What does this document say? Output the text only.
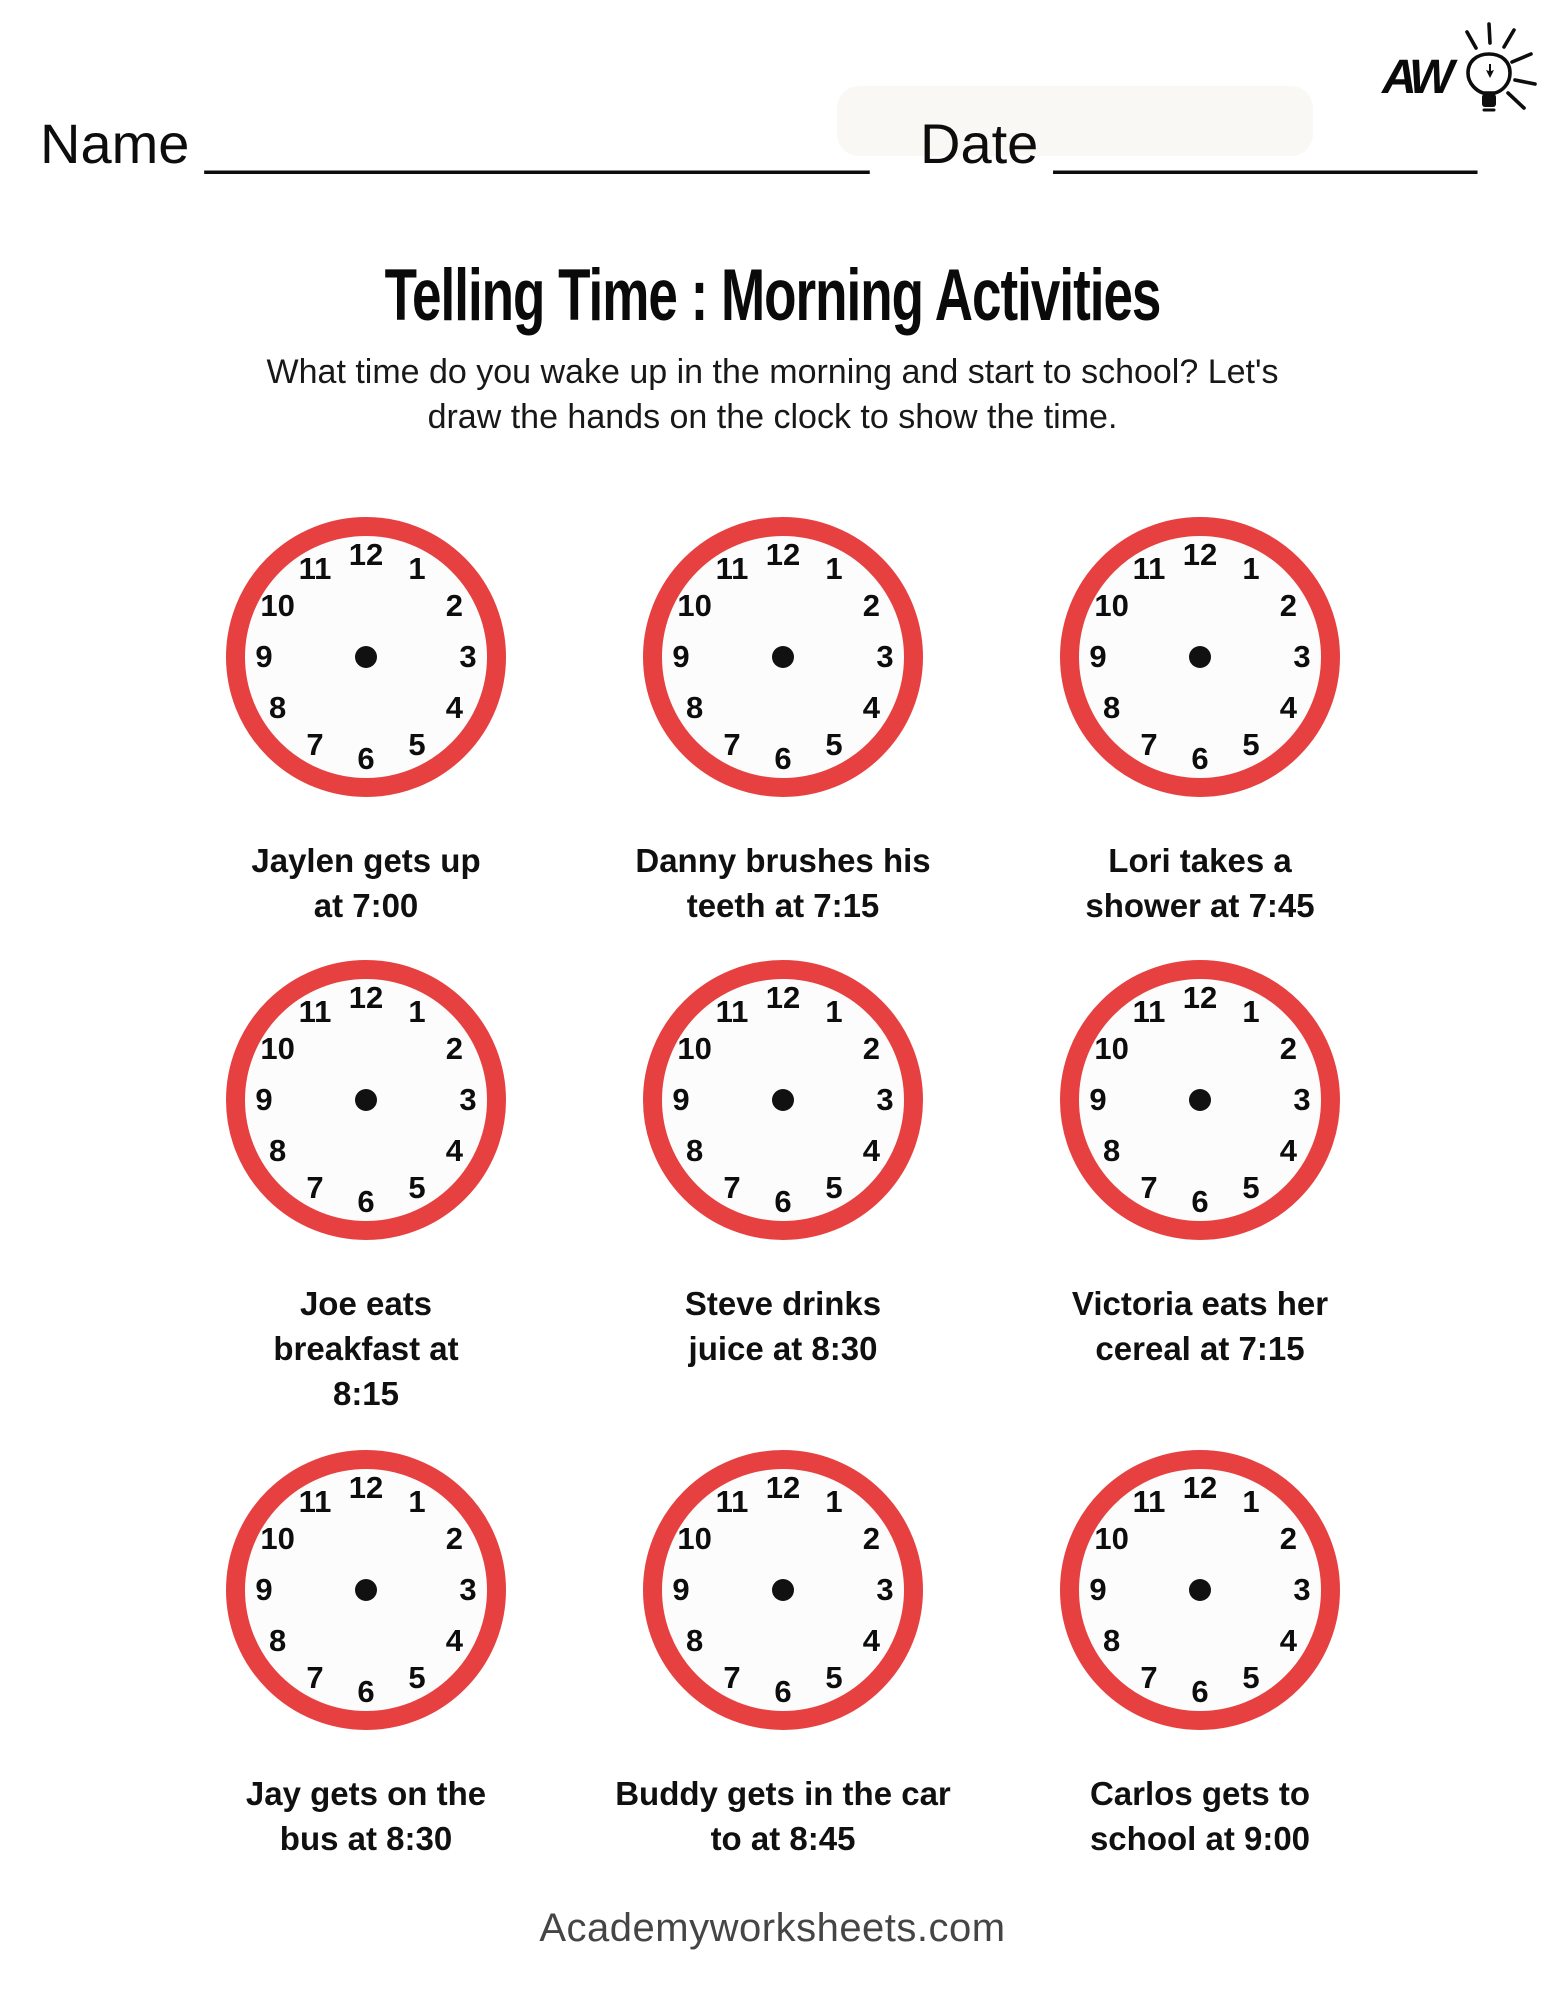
Name ______________________ Date ______________
AW
Telling Time : Morning Activities
What time do you wake up in the morning and start to school? Let's
draw the hands on the clock to show the time.
12 1
2
3
4
5
6
7
8
9
10
11
Jaylen gets up
at 7:00
12 1
2
3
4
5
6
7
8
9
10
11
Danny brushes his
teeth at 7:15
12 1
2
3
4
5
6
7
8
9
10
11
Lori takes a
shower at 7:45
12 1
2
3
4
5
6
7
8
9
10
11
Joe eats
breakfast at
8:15
12 1
2
3
4
5
6
7
8
9
10
11
Steve drinks
juice at 8:30
12 1
2
3
4
5
6
7
8
9
10
11
Victoria eats her
cereal at 7:15
12 1
2
3
4
5
6
7
8
9
10
11
Jay gets on the
bus at 8:30
12 1
2
3
4
5
6
7
8
9
10
11
Buddy gets in the car
to at 8:45
12 1
2
3
4
5
6
7
8
9
10
11
Carlos gets to
school at 9:00
Academyworksheets.com
